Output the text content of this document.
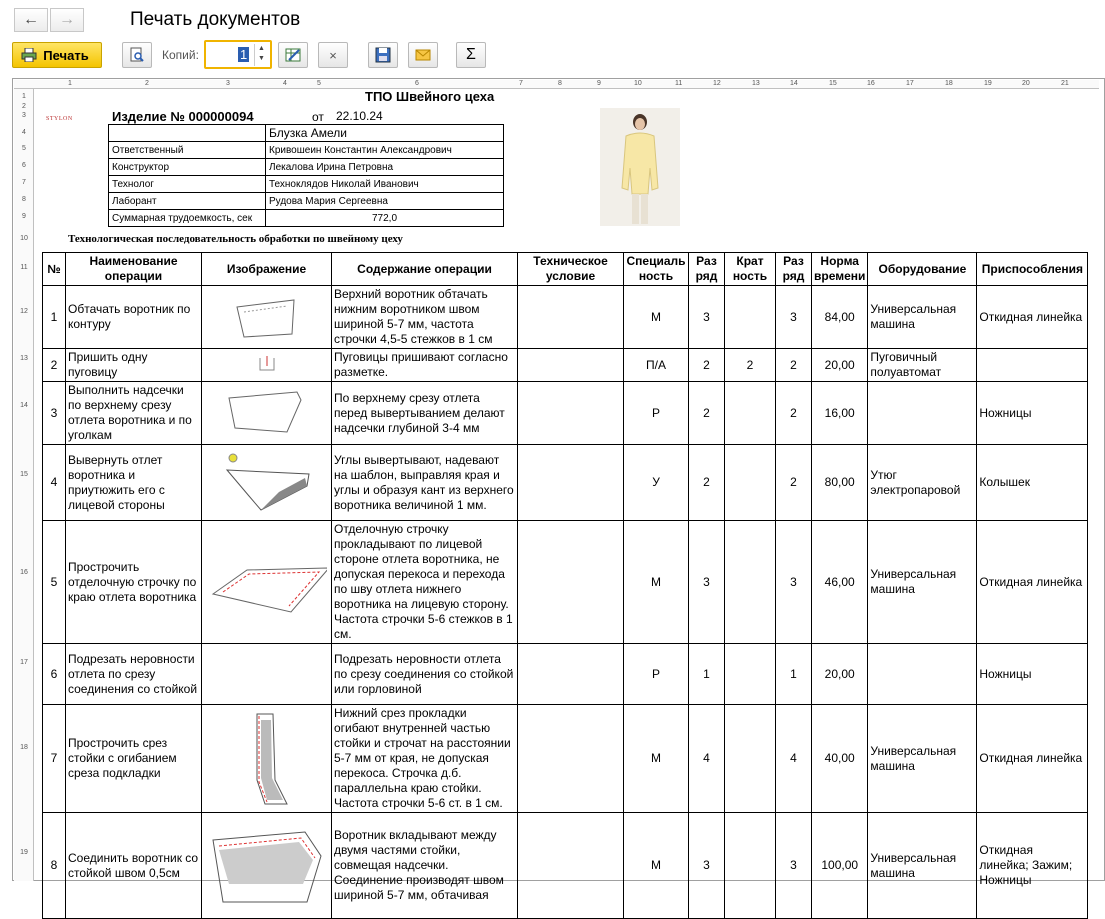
← →	Печать документов
Печать	Копий:	1	▲
▼	×	Σ
1	2	3	4	5	6	7	8	9	10	11	12	13	14	15	16	17	18	19	20	21
1
2
3
4
5
6
7
8
9
10
11
12
13
14
15
16
17
18
19
ТПО Швейного цеха
Изделие № 000000094	от 22.10.24
STYLON
	Блузка Амели
Ответственный	Кривошеин Константин Александрович
Конструктор	Лекалова Ирина Петровна
Технолог	Техноклядов Николай Иванович
Лаборант	Рудова Мария Сергеевна
Суммарная трудоемкость, сек	772,0
Технологическая последовательность обработки по швейному цеху
№	Наименование операции	Изображение	Содержание операции	Техническое условие	Специаль ность	Раз ряд	Крат ность	Раз ряд	Норма времени	Оборудование	Приспособления
1	Обтачать воротник по контуру		Верхний воротник обтачать нижним воротником швом шириной 5-7 мм, частота строчки 4,5-5 стежков в 1 см		М	3		3	84,00	Универсальная машина	Откидная линейка
2	Пришить одну пуговицу		Пуговицы пришивают согласно разметке.		П/А	2	2	2	20,00	Пуговичный полуавтомат	
3	Выполнить надсечки по верхнему срезу отлета воротника и по уголкам		По верхнему срезу отлета перед вывертыванием делают надсечки глубиной 3-4 мм		Р	2		2	16,00		Ножницы
4	Вывернуть отлет воротника и приутюжить его с лицевой стороны		Углы вывертывают, надевают на шаблон, выправляя края и углы и образуя кант из верхнего воротника величиной 1 мм.		У	2		2	80,00	Утюг электропаровой	Колышек
5	Прострочить отделочную строчку по краю отлета воротника		Отделочную строчку прокладывают по лицевой стороне отлета воротника, не допуская перекоса и перехода по шву отлета нижнего воротника на лицевую сторону. Частота строчки 5-6 стежков в 1 см.		М	3		3	46,00	Универсальная машина	Откидная линейка
6	Подрезать неровности отлета по срезу соединения со стойкой		Подрезать неровности отлета по срезу соединения со стойкой или горловиной		Р	1		1	20,00		Ножницы
7	Прострочить срез стойки с огибанием среза подкладки		Нижний срез прокладки огибают внутренней частью стойки и строчат на расстоянии 5-7 мм от края, не допуская перекоса. Строчка д.б. параллельна краю стойки. Частота строчки 5-6 ст. в 1 см.		М	4		4	40,00	Универсальная машина	Откидная линейка
8	Соединить воротник со стойкой швом 0,5см		Воротник вкладывают между двумя частями стойки, совмещая надсечки. Соединение производят швом шириной 5-7 мм, обтачивая		М	3		3	100,00	Универсальная машина	Откидная линейка; Зажим; Ножницы
